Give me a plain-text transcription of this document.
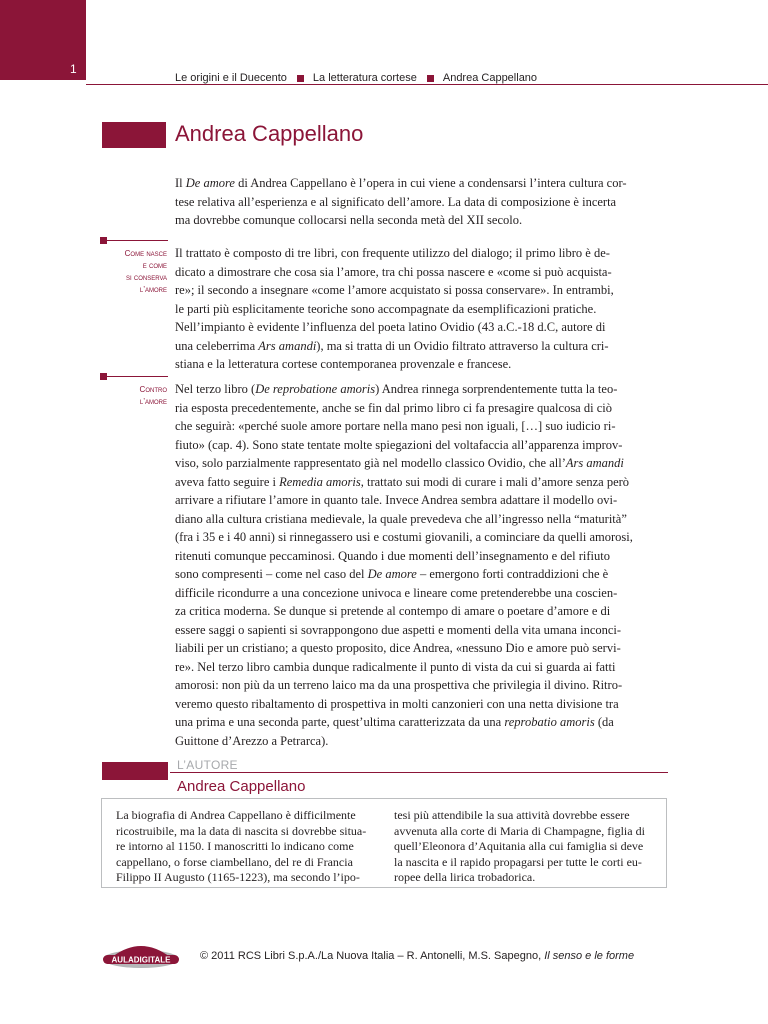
1
Le origini e il Duecento La letteratura cortese Andrea Cappellano
Andrea Cappellano

Il De amore di Andrea Cappellano è l’opera in cui viene a condensarsi l’intera cultura cor-
tese relativa all’esperienza e al significato dell’amore. La data di composizione è incerta
ma dovrebbe comunque collocarsi nella seconda metà del XII secolo.

Come nasce
e come
si conserva
l’amore

Il trattato è composto di tre libri, con frequente utilizzo del dialogo; il primo libro è de-
dicato a dimostrare che cosa sia l’amore, tra chi possa nascere e «come si può acquista-
re»; il secondo a insegnare «come l’amore acquistato si possa conservare». In entrambi,
le parti più esplicitamente teoriche sono accompagnate da esemplificazioni pratiche.
Nell’impianto è evidente l’influenza del poeta latino Ovidio (43 a.C.-18 d.C, autore di
una celeberrima Ars amandi), ma si tratta di un Ovidio filtrato attraverso la cultura cri-
stiana e la letteratura cortese contemporanea provenzale e francese.

Contro
l’amore

Nel terzo libro (De reprobatione amoris) Andrea rinnega sorprendentemente tutta la teo-
ria esposta precedentemente, anche se fin dal primo libro ci fa presagire qualcosa di ciò
che seguirà: «perché suole amore portare nella mano pesi non iguali, […] suo iudicio ri-
fiuto» (cap. 4). Sono state tentate molte spiegazioni del voltafaccia all’apparenza improv-
viso, solo parzialmente rappresentato già nel modello classico Ovidio, che all’Ars amandi
aveva fatto seguire i Remedia amoris, trattato sui modi di curare i mali d’amore senza però
arrivare a rifiutare l’amore in quanto tale. Invece Andrea sembra adattare il modello ovi-
diano alla cultura cristiana medievale, la quale prevedeva che all’ingresso nella “maturità”
(fra i 35 e i 40 anni) si rinnegassero usi e costumi giovanili, a cominciare da quelli amorosi,
ritenuti comunque peccaminosi. Quando i due momenti dell’insegnamento e del rifiuto
sono compresenti – come nel caso del De amore – emergono forti contraddizioni che è
difficile ricondurre a una concezione univoca e lineare come pretenderebbe una coscien-
za critica moderna. Se dunque si pretende al contempo di amare o poetare d’amore e di
essere saggi o sapienti si sovrappongono due aspetti e momenti della vita umana inconci-
liabili per un cristiano; a questo proposito, dice Andrea, «nessuno Dio e amore può servi-
re». Nel terzo libro cambia dunque radicalmente il punto di vista da cui si guarda ai fatti
amorosi: non più da un terreno laico ma da una prospettiva che privilegia il divino. Ritro-
veremo questo ribaltamento di prospettiva in molti canzonieri con una netta divisione tra
una prima e una seconda parte, quest’ultima caratterizzata da una reprobatio amoris (da
Guittone d’Arezzo a Petrarca).

L’AUTORE
Andrea Cappellano
La biografia di Andrea Cappellano è difficilmente
ricostruibile, ma la data di nascita si dovrebbe situa-
re intorno al 1150. I manoscritti lo indicano come
cappellano, o forse ciambellano, del re di Francia
Filippo II Augusto (1165-1223), ma secondo l’ipo-
tesi più attendibile la sua attività dovrebbe essere
avvenuta alla corte di Maria di Champagne, figlia di
quell’Eleonora d’Aquitania alla cui famiglia si deve
la nascita e il rapido propagarsi per tutte le corti eu-
ropee della lirica trobadorica.
AULADIGITALE	© 2011 RCS Libri S.p.A./La Nuova Italia – R. Antonelli, M.S. Sapegno, Il senso e le forme
